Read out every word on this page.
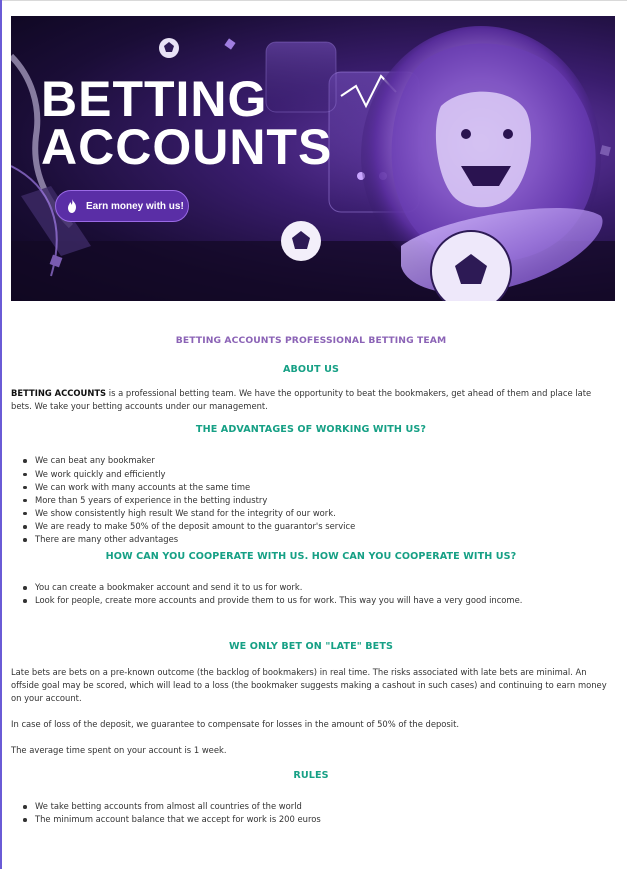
BETTING
ACCOUNTS
Earn money with us!
BETTING ACCOUNTS PROFESSIONAL BETTING TEAM
ABOUT US

BETTING ACCOUNTS is a professional betting team. We have the opportunity to beat the bookmakers, get ahead of them and place late bets. We take your betting accounts under our management.

THE ADVANTAGES OF WORKING WITH US?
We can beat any bookmaker
We work quickly and efficiently
We can work with many accounts at the same time
More than 5 years of experience in the betting industry
We show consistently high result We stand for the integrity of our work.
We are ready to make 50% of the deposit amount to the guarantor's service
There are many other advantages
HOW CAN YOU COOPERATE WITH US. HOW CAN YOU COOPERATE WITH US?
You can create a bookmaker account and send it to us for work.
Look for people, create more accounts and provide them to us for work. This way you will have a very good income.
WE ONLY BET ON "LATE" BETS

Late bets are bets on a pre-known outcome (the backlog of bookmakers) in real time. The risks associated with late bets are minimal. An offside goal may be scored, which will lead to a loss (the bookmaker suggests making a cashout in such cases) and continuing to earn money on your account.

In case of loss of the deposit, we guarantee to compensate for losses in the amount of 50% of the deposit.

The average time spent on your account is 1 week.

RULES
We take betting accounts from almost all countries of the world
The minimum account balance that we accept for work is 200 euros
